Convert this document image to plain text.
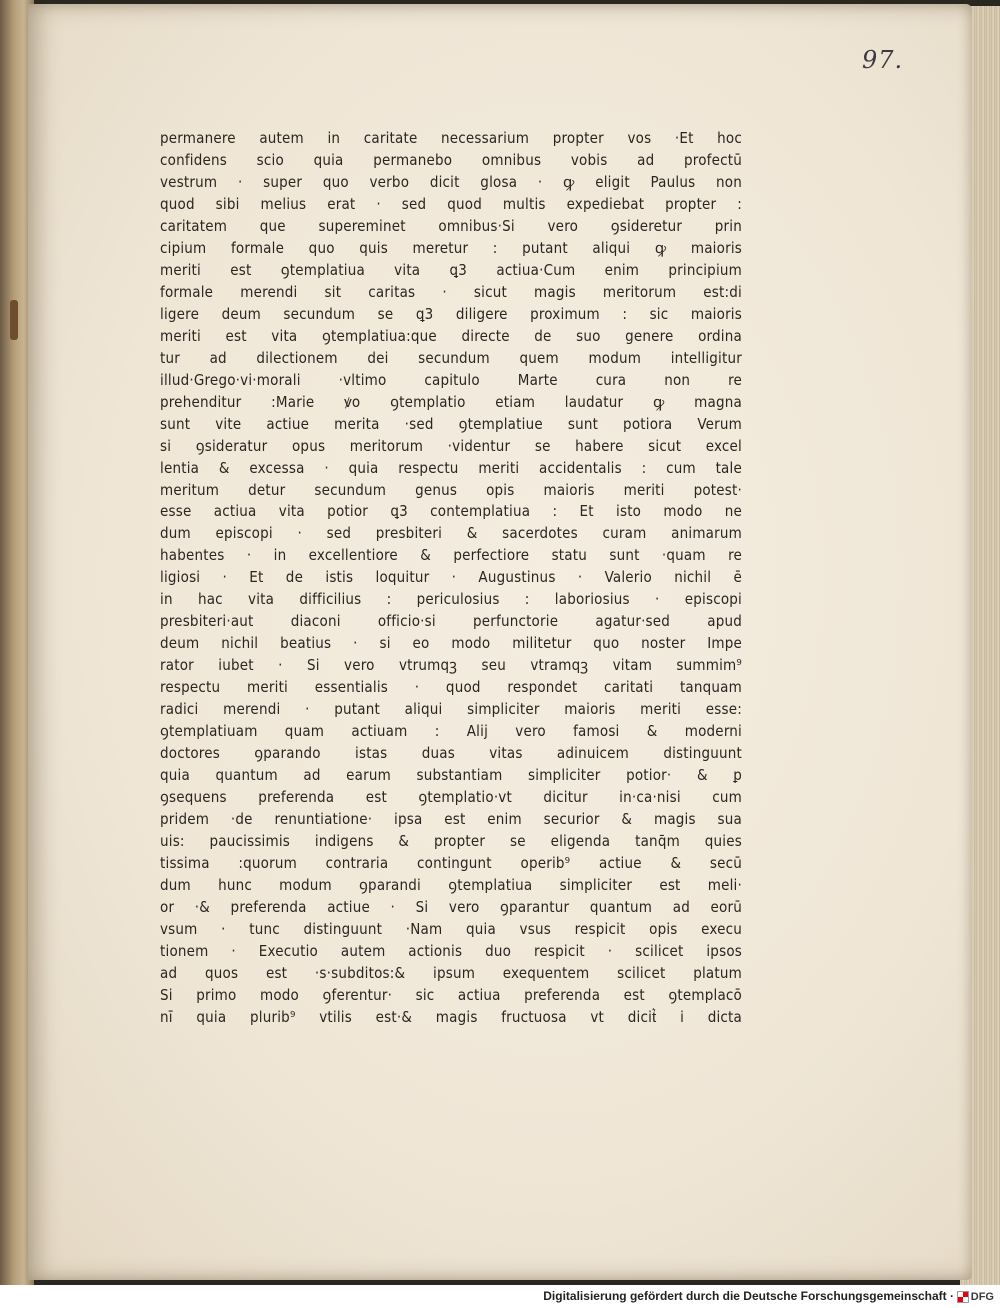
97.
permanere autem in caritate necessarium propter vos ·Et hoc
confidens scio quia permanebo omnibus vobis ad profectū
vestrum · super quo verbo dicit glosa · ꝙ eligit Paulus non
quod sibi melius erat · sed quod multis expediebat propter :
caritatem que supereminet omnibus·Si vero ꝯsideretur prin
cipium formale quo quis meretur : putant aliqui ꝙ maioris
meriti est ꝯtemplatiua vita ꝗ3 actiua·Cum enim principium
formale merendi sit caritas · sicut magis meritorum est:di
ligere deum secundum se ꝗ3 diligere proximum : sic maioris
meriti est vita ꝯtemplatiua:que directe de suo genere ordina
tur ad dilectionem dei secundum quem modum intelligitur
illud·Grego·vi·morali ·vltimo capitulo Marte cura non re
prehenditur :Marie ꝟo ꝯtemplatio etiam laudatur ꝙ magna
sunt vite actiue merita ·sed ꝯtemplatiue sunt potiora Verum
si ꝯsideratur opus meritorum ·videntur se habere sicut excel
lentia & excessa · quia respectu meriti accidentalis : cum tale
meritum detur secundum genus opis maioris meriti potest·
esse actiua vita potior ꝗ3 contemplatiua : Et isto modo ne
dum episcopi · sed presbiteri & sacerdotes curam animarum
habentes · in excellentiore & perfectiore statu sunt ·quam re
ligiosi · Et de istis loquitur · Augustinus · Valerio nichil ē
in hac vita difficilius : periculosius : laboriosius · episcopi
presbiteri·aut diaconi officio·si perfunctorie agatur·sed apud
deum nichil beatius · si eo modo militetur quo noster Impe
rator iubet · Si vero vtrumqꝫ seu vtramqꝫ vitam summim⁹
respectu meriti essentialis · quod respondet caritati tanquam
radici merendi · putant aliqui simpliciter maioris meriti esse:
ꝯtemplatiuam quam actiuam : Alij vero famosi & moderni
doctores ꝯparando istas duas vitas adinuicem distinguunt
quia quantum ad earum substantiam simpliciter potior· & ꝑ
ꝯsequens preferenda est ꝯtemplatio·vt dicitur in·ca·nisi cum
pridem ·de renuntiatione· ipsa est enim securior & magis sua
uis: paucissimis indigens & propter se eligenda tanq̄m quies
tissima :quorum contraria contingunt operib⁹ actiue & secū
dum hunc modum ꝯparandi ꝯtemplatiua simpliciter est meli·
or ·& preferenda actiue · Si vero ꝯparantur quantum ad eorū
vsum · tunc distinguunt ·Nam quia vsus respicit opis execu
tionem · Executio autem actionis duo respicit · scilicet ipsos
ad quos est ·s·subditos:& ipsum exequentem scilicet platum
Si primo modo ꝯferentur· sic actiua preferenda est ꝯtemplacō
nī quia plurib⁹ vtilis est·& magis fructuosa vt dicit͛ i dicta
Digitalisierung gefördert durch die Deutsche Forschungsgemeinschaft · DFG
